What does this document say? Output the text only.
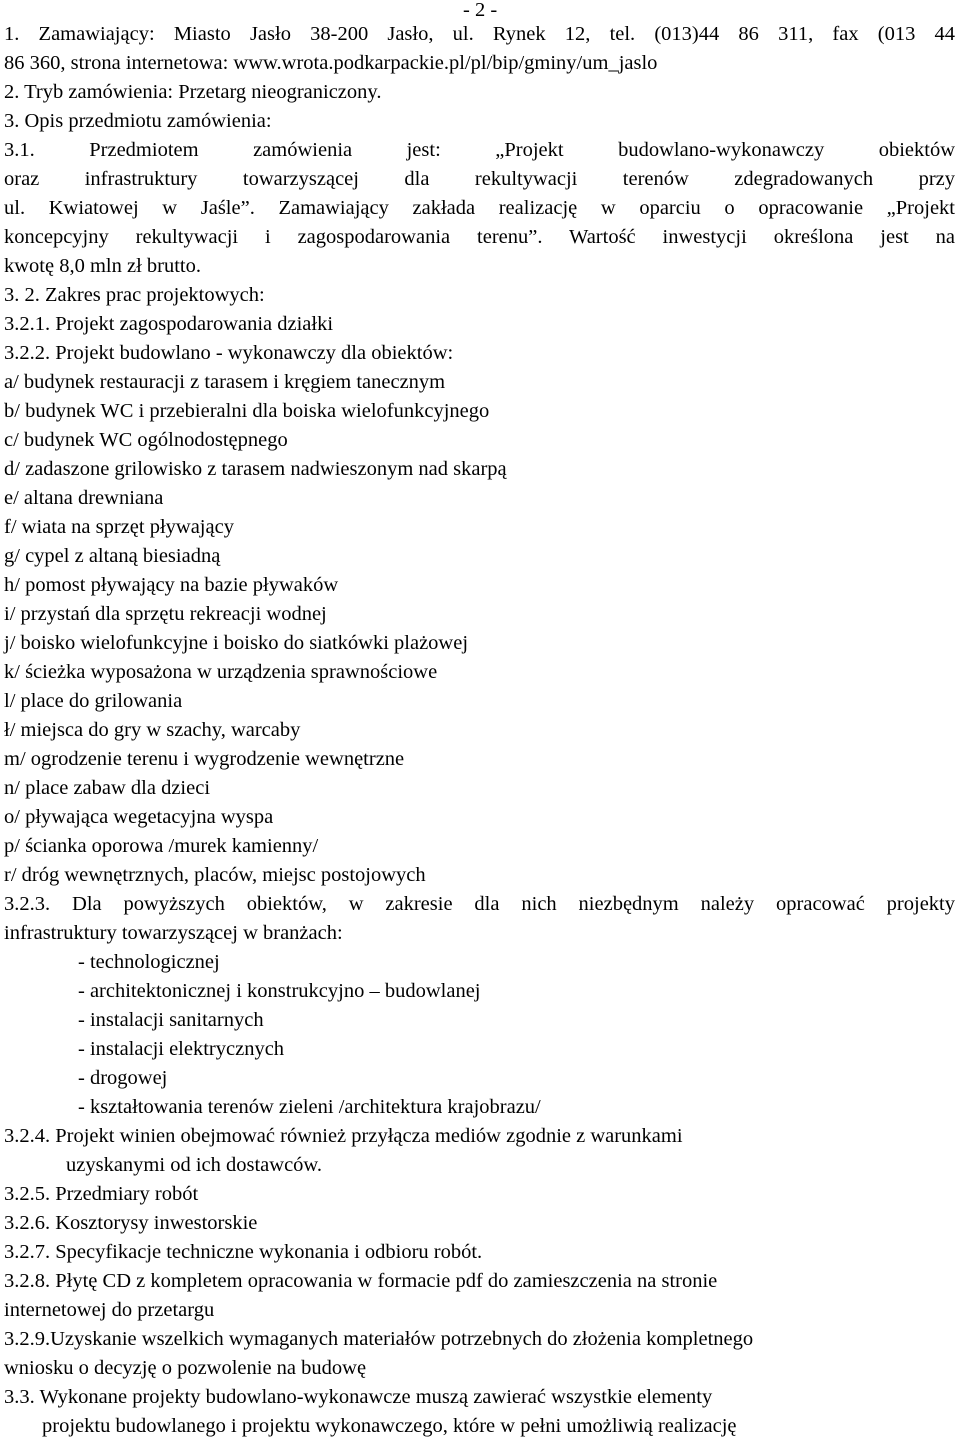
- 2 -
1. Zamawiający: Miasto Jasło 38-200 Jasło, ul. Rynek 12, tel. (013)44 86 311, fax (013 44
86 360, strona internetowa: www.wrota.podkarpackie.pl/pl/bip/gminy/um_jaslo
2. Tryb zamówienia: Przetarg nieograniczony.
3. Opis przedmiotu zamówienia:
3.1. Przedmiotem zamówienia jest: „Projekt budowlano-wykonawczy obiektów
oraz infrastruktury towarzyszącej dla rekultywacji terenów zdegradowanych przy
ul. Kwiatowej w Jaśle”. Zamawiający zakłada realizację w oparciu o opracowanie „Projekt
koncepcyjny rekultywacji i zagospodarowania terenu”. Wartość inwestycji określona jest na
kwotę 8,0 mln zł brutto.
3. 2. Zakres prac projektowych:
3.2.1. Projekt zagospodarowania działki
3.2.2. Projekt budowlano - wykonawczy dla obiektów:
a/ budynek restauracji z tarasem i kręgiem tanecznym
b/ budynek WC i przebieralni dla boiska wielofunkcyjnego
c/ budynek WC ogólnodostępnego
d/ zadaszone grilowisko z tarasem nadwieszonym nad skarpą
e/ altana drewniana
f/ wiata na sprzęt pływający
g/ cypel z altaną biesiadną
h/ pomost pływający na bazie pływaków
i/ przystań dla sprzętu rekreacji wodnej
j/ boisko wielofunkcyjne i boisko do siatkówki plażowej
k/ ścieżka wyposażona w urządzenia sprawnościowe
l/ place do grilowania
ł/ miejsca do gry w szachy, warcaby
m/ ogrodzenie terenu i wygrodzenie wewnętrzne
n/ place zabaw dla dzieci
o/ pływająca wegetacyjna wyspa
p/ ścianka oporowa /murek kamienny/
r/ dróg wewnętrznych, placów, miejsc postojowych
3.2.3. Dla powyższych obiektów, w zakresie dla nich niezbędnym należy opracować projekty
infrastruktury towarzyszącej w branżach:
- technologicznej
- architektonicznej i konstrukcyjno – budowlanej
- instalacji sanitarnych
- instalacji elektrycznych
- drogowej
- kształtowania terenów zieleni /architektura krajobrazu/
3.2.4. Projekt winien obejmować również przyłącza mediów zgodnie z warunkami
uzyskanymi od ich dostawców.
3.2.5. Przedmiary robót
3.2.6. Kosztorysy inwestorskie
3.2.7. Specyfikacje techniczne wykonania i odbioru robót.
3.2.8. Płytę CD z kompletem opracowania w formacie pdf do zamieszczenia na stronie
internetowej do przetargu
3.2.9.Uzyskanie wszelkich wymaganych materiałów potrzebnych do złożenia kompletnego
wniosku o decyzję o pozwolenie na budowę
3.3. Wykonane projekty budowlano-wykonawcze muszą zawierać wszystkie elementy
projektu budowlanego i projektu wykonawczego, które w pełni umożliwią realizację
